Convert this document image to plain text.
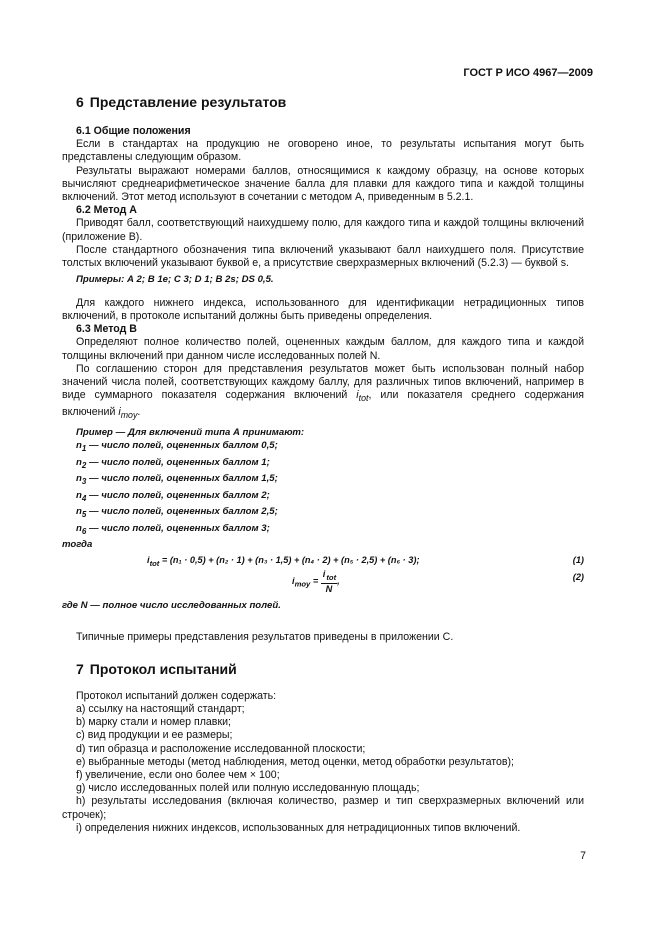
ГОСТ Р ИСО 4967—2009
6 Представление результатов
6.1 Общие положения

Если в стандартах на продукцию не оговорено иное, то результаты испытания могут быть представлены следующим образом.

Результаты выражают номерами баллов, относящимися к каждому образцу, на основе которых вычисляют среднеарифметическое значение балла для плавки для каждого типа и каждой толщины включений. Этот метод используют в сочетании с методом А, приведенным в 5.2.1.

6.2 Метод А

Приводят балл, соответствующий наихудшему полю, для каждого типа и каждой толщины включений (приложение В).

После стандартного обозначения типа включений указывают балл наихудшего поля. Присутствие толстых включений указывают буквой e, а присутствие сверхразмерных включений (5.2.3) — буквой s.

Примеры: А 2; В 1e; С 3; D 1; В 2s; DS 0,5.

Для каждого нижнего индекса, использованного для идентификации нетрадиционных типов включений, в протоколе испытаний должны быть приведены определения.

6.3 Метод В

Определяют полное количество полей, оцененных каждым баллом, для каждого типа и каждой толщины включений при данном числе исследованных полей N.

По соглашению сторон для представления результатов может быть использован полный набор значений числа полей, соответствующих каждому баллу, для различных типов включений, например в виде суммарного показателя содержания включений $i_{tot}$, или показателя среднего содержания включений $i_{moy}$.

Пример — Для включений типа А принимают:

$n_1$ — число полей, оцененных баллом 0,5;

$n_2$ — число полей, оцененных баллом 1;

$n_3$ — число полей, оцененных баллом 1,5;

$n_4$ — число полей, оцененных баллом 2;

$n_5$ — число полей, оцененных баллом 2,5;

$n_6$ — число полей, оцененных баллом 3;

тогда

$i_{tot} = (n_1 \cdot 0,5) + (n_2 \cdot 1) + (n_3 \cdot 1,5) + (n_4 \cdot 2) + (n_5 \cdot 2,5) + (n_6 \cdot 3)$;	(1)
$i_{moy} = \frac{i_{tot}}{N}$ ,	(2)

где N — полное число исследованных полей.

Типичные примеры представления результатов приведены в приложении С.

7 Протокол испытаний

Протокол испытаний должен содержать:

а) ссылку на настоящий стандарт;

b) марку стали и номер плавки;

с) вид продукции и ее размеры;

d) тип образца и расположение исследованной плоскости;

е) выбранные методы (метод наблюдения, метод оценки, метод обработки результатов);

f) увеличение, если оно более чем × 100;

g) число исследованных полей или полную исследованную площадь;

h) результаты исследования (включая количество, размер и тип сверхразмерных включений или строчек);

i) определения нижних индексов, использованных для нетрадиционных типов включений.

7
